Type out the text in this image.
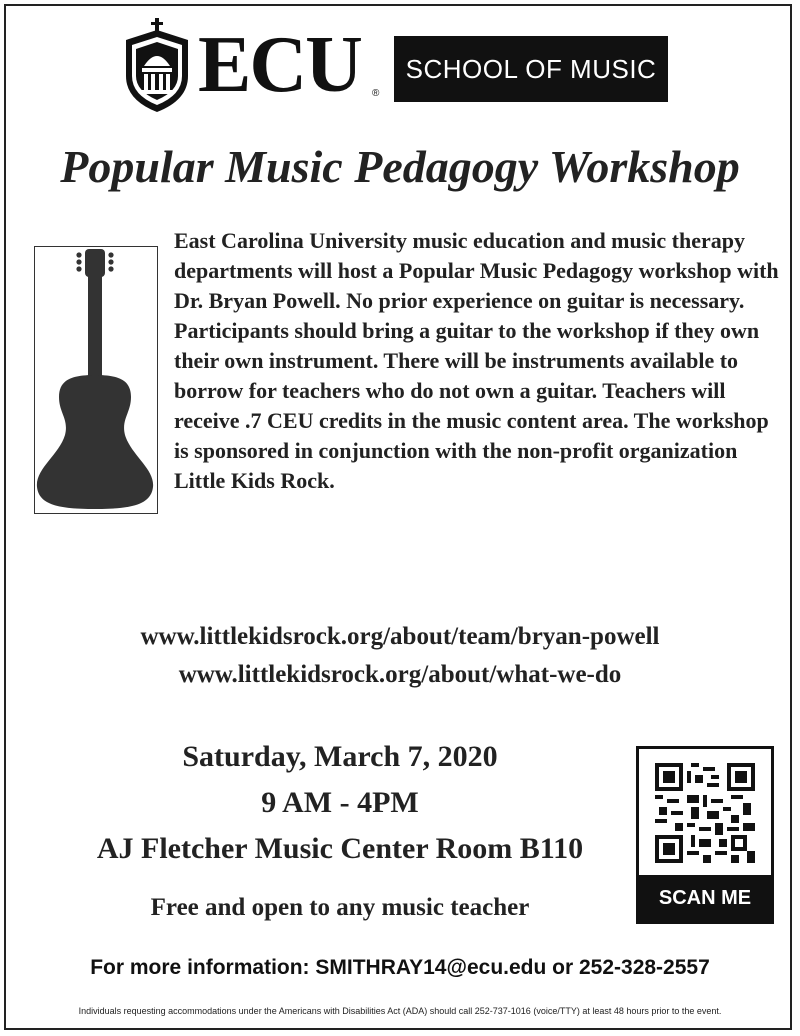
ECU ®
SCHOOL OF MUSIC
Popular Music Pedagogy Workshop
East Carolina University music education and music therapy departments will host a Popular Music Pedagogy workshop with Dr. Bryan Powell. No prior experience on guitar is necessary. Participants should bring a guitar to the workshop if they own their own instrument. There will be instruments available to borrow for teachers who do not own a guitar. Teachers will receive .7 CEU credits in the music content area. The workshop is sponsored in conjunction with the non-profit organization Little Kids Rock.
www.littlekidsrock.org/about/team/bryan-powell
www.littlekidsrock.org/about/what-we-do
Saturday, March 7, 2020
9 AM - 4PM
AJ Fletcher Music Center Room B110
Free and open to any music teacher	SCAN ME
For more information: SMITHRAY14@ecu.edu or 252-328-2557
Individuals requesting accommodations under the Americans with Disabilities Act (ADA) should call 252-737-1016 (voice/TTY) at least 48 hours prior to the event.
